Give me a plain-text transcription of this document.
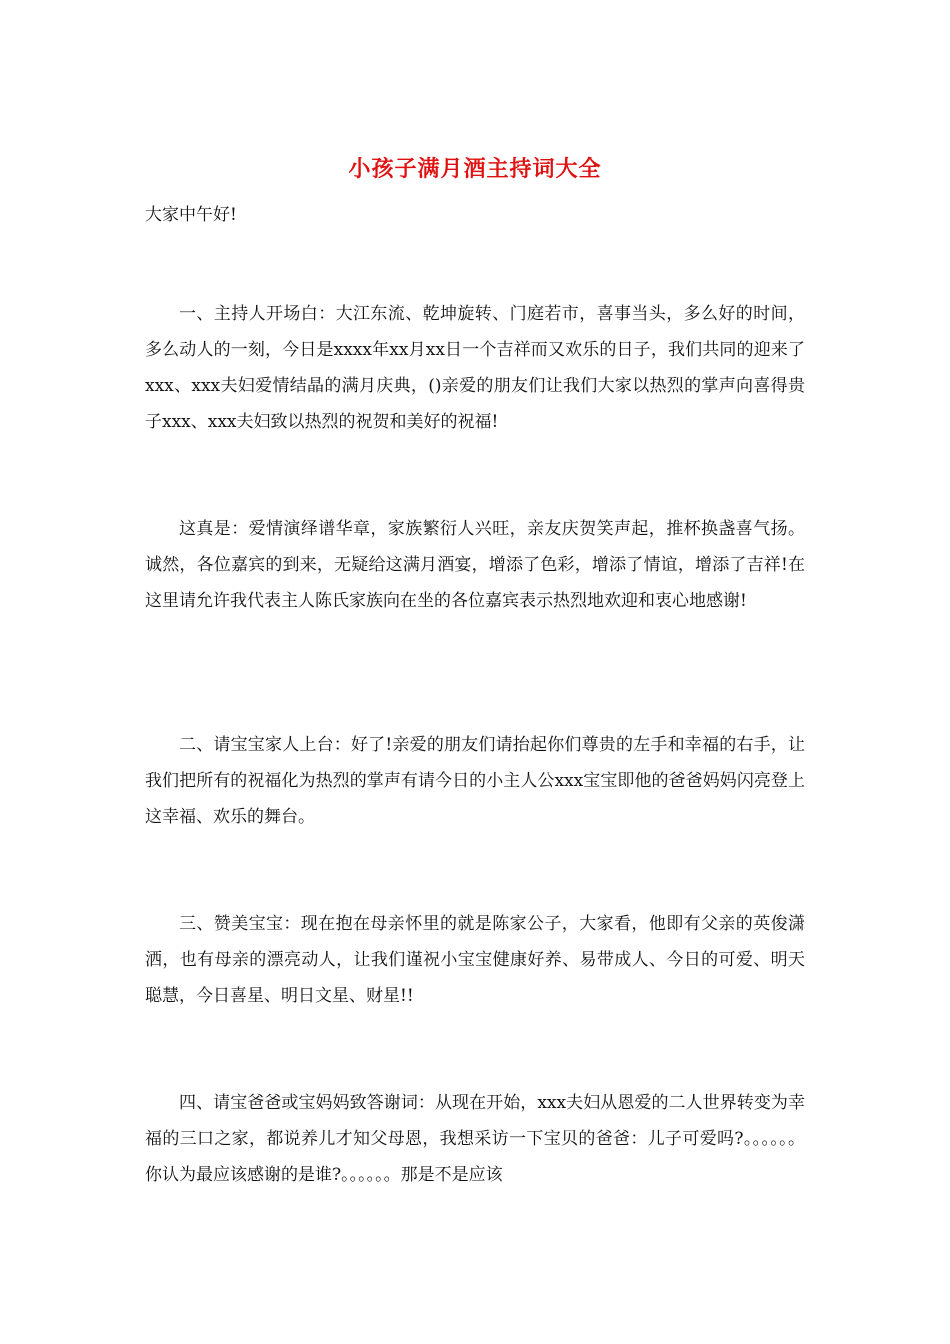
小孩子满月酒主持词大全
大家中午好!

一、主持人开场白：大江东流、乾坤旋转、门庭若市，喜事当头，多么好的时间，多么动人的一刻，今日是xxxx年xx月xx日一个吉祥而又欢乐的日子，我们共同的迎来了xxx、xxx夫妇爱情结晶的满月庆典，()亲爱的朋友们让我们大家以热烈的掌声向喜得贵子xxx、xxx夫妇致以热烈的祝贺和美好的祝福!

这真是：爱情演绎谱华章，家族繁衍人兴旺，亲友庆贺笑声起，推杯换盏喜气扬。诚然，各位嘉宾的到来，无疑给这满月酒宴，增添了色彩，增添了情谊，增添了吉祥!在这里请允许我代表主人陈氏家族向在坐的各位嘉宾表示热烈地欢迎和衷心地感谢!

二、请宝宝家人上台：好了!亲爱的朋友们请抬起你们尊贵的左手和幸福的右手，让我们把所有的祝福化为热烈的掌声有请今日的小主人公xxx宝宝即他的爸爸妈妈闪亮登上这幸福、欢乐的舞台。

三、赞美宝宝：现在抱在母亲怀里的就是陈家公子，大家看，他即有父亲的英俊潇洒，也有母亲的漂亮动人，让我们谨祝小宝宝健康好养、易带成人、今日的可爱、明天聪慧，今日喜星、明日文星、财星!!

四、请宝爸爸或宝妈妈致答谢词：从现在开始，xxx夫妇从恩爱的二人世界转变为幸福的三口之家，都说养儿才知父母恩，我想采访一下宝贝的爸爸：儿子可爱吗?。。。。。。你认为最应该感谢的是谁?。。。。。。那是不是应该
